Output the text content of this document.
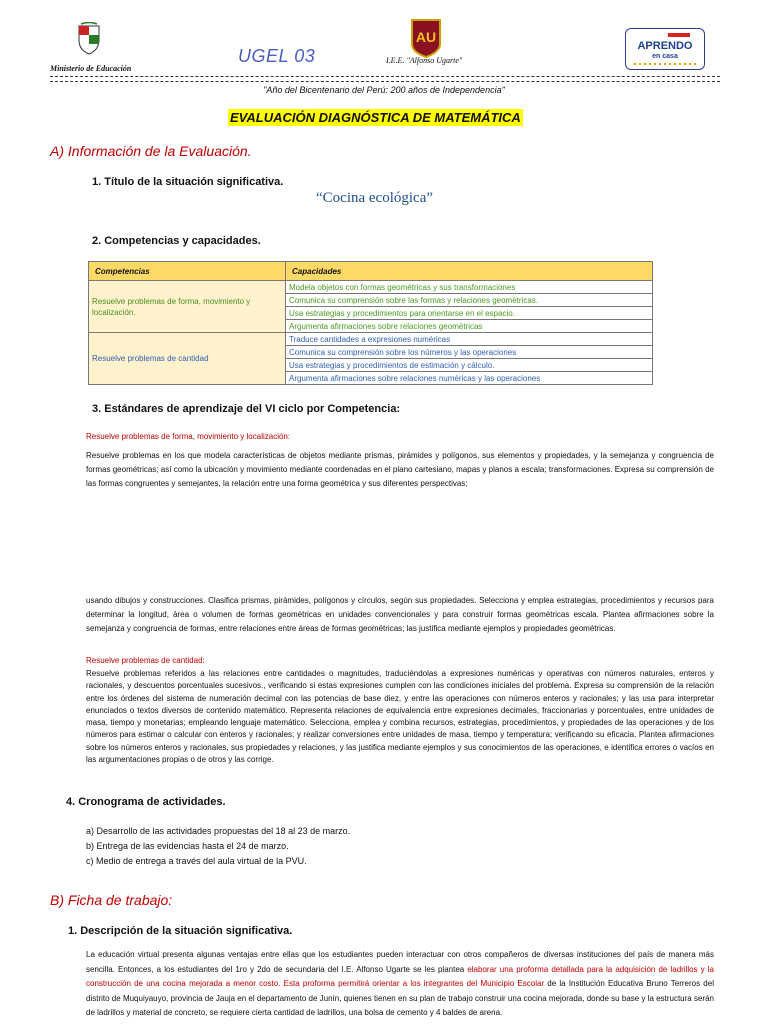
Ministerio de Educación
UGEL 03
AU
I.E.E. "Alfonso Ugarte"
APRENDO
en casa
"Año del Bicentenario del Perú: 200 años de Independencia"
EVALUACIÓN DIAGNÓSTICA DE MATEMÁTICA
A) Información de la Evaluación.
1. Título de la situación significativa.
“Cocina ecológica”
2. Competencias y capacidades.
Competencias	Capacidades
Resuelve problemas de forma, movimiento y localización.	Modela objetos con formas geométricas y sus transformaciones
	Comunica su comprensión sobre las formas y relaciones geométricas.
	Usa estrategias y procedimientos para orientarse en el espacio.
	Argumenta afirmaciones sobre relaciones geométricas
Resuelve problemas de cantidad	Traduce cantidades a expresiones numéricas
	Comunica su comprensión sobre los números y las operaciones
	Usa estrategias y procedimientos de estimación y cálculo.
	Argumenta afirmaciones sobre relaciones numéricas y las operaciones
3. Estándares de aprendizaje del VI ciclo por Competencia:
Resuelve problemas de forma, movimiento y localización:
Resuelve problemas en los que modela características de objetos mediante prismas, pirámides y polígonos, sus elementos y propiedades, y la semejanza y congruencia de formas geométricas; así como la ubicación y movimiento mediante coordenadas en el plano cartesiano, mapas y planos a escala; transformaciones. Expresa su comprensión de las formas congruentes y semejantes, la relación entre una forma geométrica y sus diferentes perspectivas;
usando dibujos y construcciones. Clasifica prismas, pirámides, polígonos y círculos, según sus propiedades. Selecciona y emplea estrategias, procedimientos y recursos para determinar la longitud, área o volumen de formas geométricas en unidades convencionales y para construir formas geométricas escala. Plantea afirmaciones sobre la semejanza y congruencia de formas, entre relaciones entre áreas de formas geométricas; las justifica mediante ejemplos y propiedades geométricas.
Resuelve problemas de cantidad:
Resuelve problemas referidos a las relaciones entre cantidades o magnitudes, traduciéndolas a expresiones numéricas y operativas con números naturales, enteros y racionales, y descuentos porcentuales sucesivos., verificando si estas expresiones cumplen con las condiciones iniciales del problema. Expresa su comprensión de la relación entre los órdenes del sistema de numeración decimal con las potencias de base diez, y entre las operaciones con números enteros y racionales; y las usa para interpretar enunciados o textos diversos de contenido matemático. Representa relaciones de equivalencia entre expresiones decimales, fraccionarias y porcentuales, entre unidades de masa, tiempo y monetarias; empleando lenguaje matemático. Selecciona, emplea y combina recursos, estrategias, procedimientos, y propiedades de las operaciones y de los números para estimar o calcular con enteros y racionales; y realizar conversiones entre unidades de masa, tiempo y temperatura; verificando su eficacia. Plantea afirmaciones sobre los números enteros y racionales, sus propiedades y relaciones, y las justifica mediante ejemplos y sus conocimientos de las operaciones, e identifica errores o vacíos en las argumentaciones propias o de otros y las corrige.
4. Cronograma de actividades.
a) Desarrollo de las actividades propuestas del 18 al 23 de marzo.
b) Entrega de las evidencias hasta el 24 de marzo.
c) Medio de entrega a través del aula virtual de la PVU.
B) Ficha de trabajo:
1. Descripción de la situación significativa.
La educación virtual presenta algunas ventajas entre ellas que los estudiantes pueden interactuar con otros compañeros de diversas instituciones del país de manera más sencilla. Entonces, a los estudiantes del 1ro y 2do de secundaria del I.E. Alfonso Ugarte se les plantea elaborar una proforma detallada para la adquisición de ladrillos y la construcción de una cocina mejorada a menor costo. Esta proforma permitirá orientar a los integrantes del Municipio Escolar de la Institución Educativa Bruno Terreros del distrito de Muquiyauyo, provincia de Jauja en el departamento de Junín, quienes tienen en su plan de trabajo construir una cocina mejorada, donde su base y la estructura serán de ladrillos y material de concreto, se requiere cierta cantidad de ladrillos, una bolsa de cemento y 4 baldes de arena.
